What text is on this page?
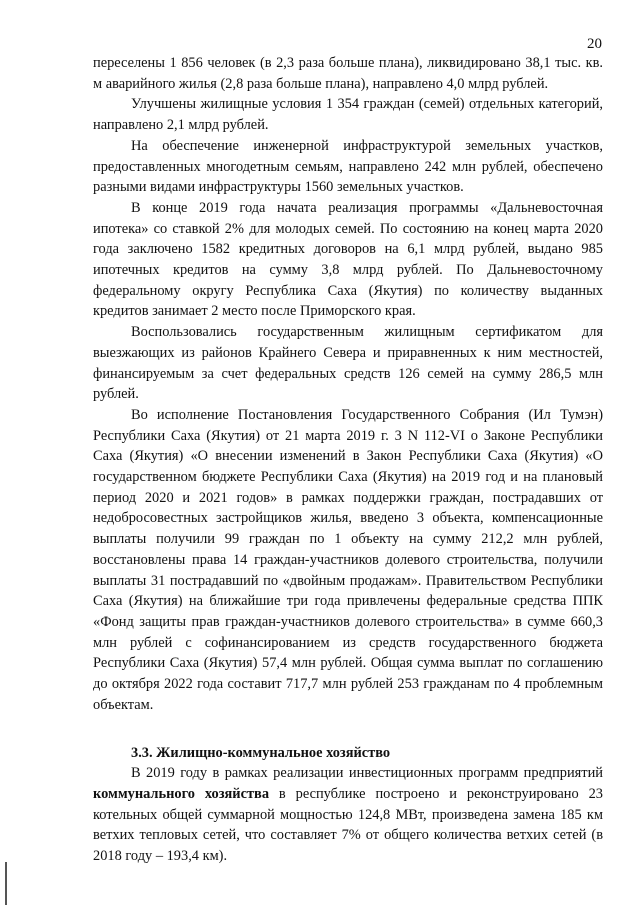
20

переселены 1 856 человек (в 2,3 раза больше плана), ликвидировано 38,1 тыс. кв. м аварийного жилья (2,8 раза больше плана), направлено 4,0 млрд рублей.

Улучшены жилищные условия 1 354 граждан (семей) отдельных категорий, направлено 2,1 млрд рублей.

На обеспечение инженерной инфраструктурой земельных участков, предоставленных многодетным семьям, направлено 242 млн рублей, обеспечено разными видами инфраструктуры 1560 земельных участков.

В конце 2019 года начата реализация программы «Дальневосточная ипотека» со ставкой 2% для молодых семей. По состоянию на конец марта 2020 года заключено 1582 кредитных договоров на 6,1 млрд рублей, выдано 985 ипотечных кредитов на сумму 3,8 млрд рублей. По Дальневосточному федеральному округу Республика Саха (Якутия) по количеству выданных кредитов занимает 2 место после Приморского края.

Воспользовались государственным жилищным сертификатом для выезжающих из районов Крайнего Севера и приравненных к ним местностей, финансируемым за счет федеральных средств 126 семей на сумму 286,5 млн рублей.

Во исполнение Постановления Государственного Собрания (Ил Тумэн) Республики Саха (Якутия) от 21 марта 2019 г. 3 N 112-VI о Законе Республики Саха (Якутия) «О внесении изменений в Закон Республики Саха (Якутия) «О государственном бюджете Республики Саха (Якутия) на 2019 год и на плановый период 2020 и 2021 годов» в рамках поддержки граждан, пострадавших от недобросовестных застройщиков жилья, введено 3 объекта, компенсационные выплаты получили 99 граждан по 1 объекту на сумму 212,2 млн рублей, восстановлены права 14 граждан-участников долевого строительства, получили выплаты 31 пострадавший по «двойным продажам». Правительством Республики Саха (Якутия) на ближайшие три года привлечены федеральные средства ППК «Фонд защиты прав граждан-участников долевого строительства» в сумме 660,3 млн рублей с софинансированием из средств государственного бюджета Республики Саха (Якутия) 57,4 млн рублей. Общая сумма выплат по соглашению до октября 2022 года составит 717,7 млн рублей 253 гражданам по 4 проблемным объектам.

3.3. Жилищно-коммунальное хозяйство

В 2019 году в рамках реализации инвестиционных программ предприятий коммунального хозяйства в республике построено и реконструировано 23 котельных общей суммарной мощностью 124,8 МВт, произведена замена 185 км ветхих тепловых сетей, что составляет 7% от общего количества ветхих сетей (в 2018 году – 193,4 км).
